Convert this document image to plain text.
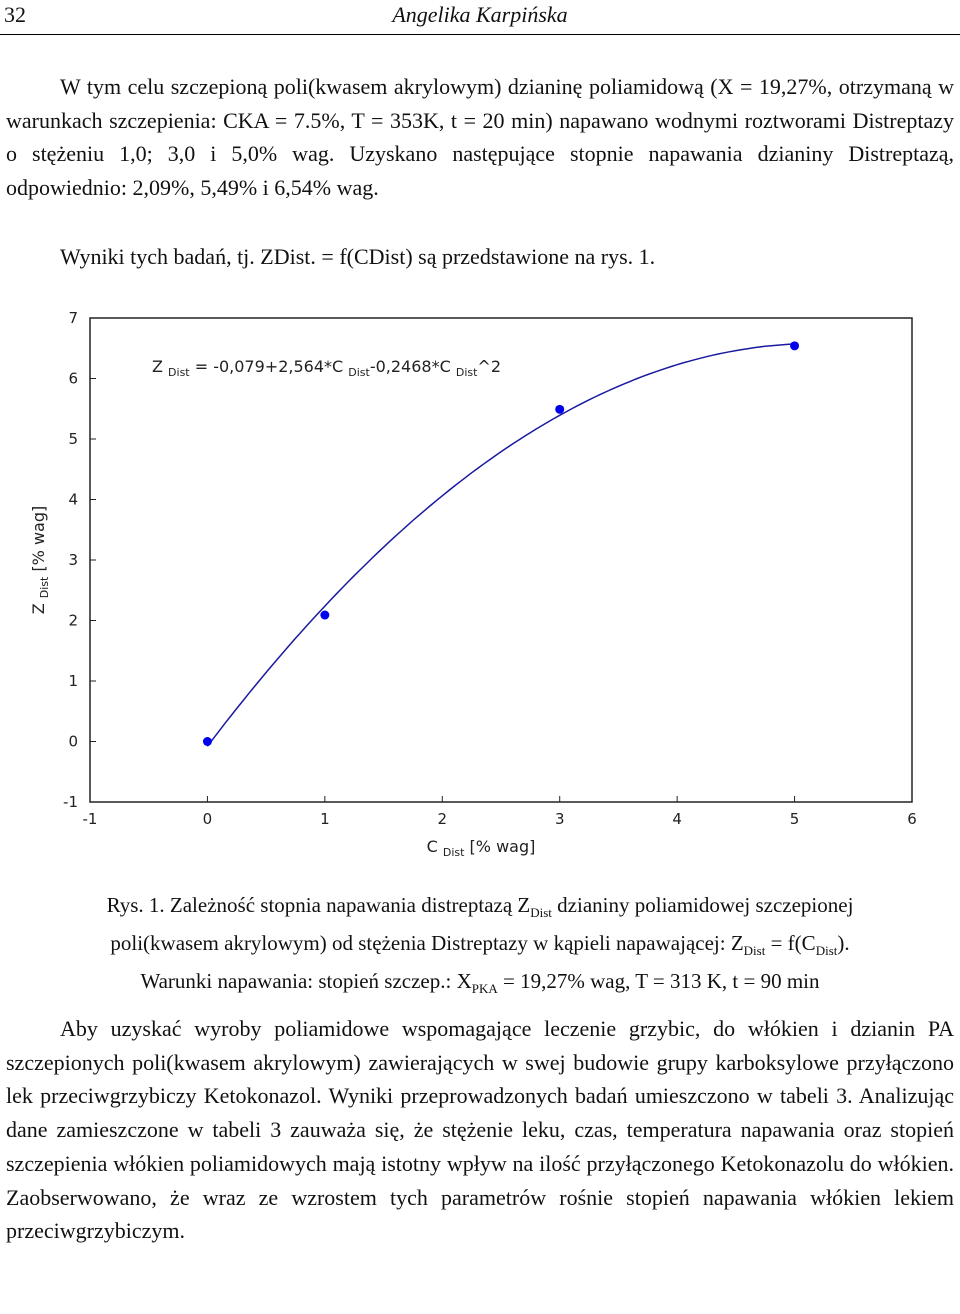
32	Angelika Karpińska

W tym celu szczepioną poli(kwasem akrylowym) dzianinę poliamidową (X = 19,27%, otrzymaną w warunkach szczepienia: CKA = 7.5%, T = 353K, t = 20 min) napawano wodnymi roztworami Distreptazy o stężeniu 1,0; 3,0 i 5,0% wag. Uzyskano następujące stopnie napawania dzianiny Distreptazą, odpowiednio: 2,09%, 5,49% i 6,54% wag.

Wyniki tych badań, tj. ZDist. = f(CDist) są przedstawione na rys. 1.

-1	0	1	2	3	4	5	6
-1
0
1
2
3
4
5
6
7
C $_{Dist}$ [% wag]
Z $_{Dist}$ [% wag]
Z $_{Dist}$ = -0,079+2,564*C $_{Dist}$-0,2468*C $_{Dist}$^2

Rys. 1. Zależność stopnia napawania distreptazą $Z_{Dist}$ dzianiny poliamidowej szczepionej
poli(kwasem akrylowym) od stężenia Distreptazy w kąpieli napawającej: $Z_{Dist} = f(C_{Dist})$.
Warunki napawania: stopień szczep.: $X_{PKA} = 19,27\%$ wag, T = 313 K, t = 90 min

Aby uzyskać wyroby poliamidowe wspomagające leczenie grzybic, do włókien i dzianin PA szczepionych poli(kwasem akrylowym) zawierających w swej budowie grupy karboksylowe przyłączono lek przeciwgrzybiczy Ketokonazol. Wyniki przeprowadzonych badań umieszczono w tabeli 3. Analizując dane zamieszczone w tabeli 3 zauważa się, że stężenie leku, czas, temperatura napawania oraz stopień szczepienia włókien poliamidowych mają istotny wpływ na ilość przyłączonego Ketokonazolu do włókien. Zaobserwowano, że wraz ze wzrostem tych parametrów rośnie stopień napawania włókien lekiem przeciwgrzybiczym.
